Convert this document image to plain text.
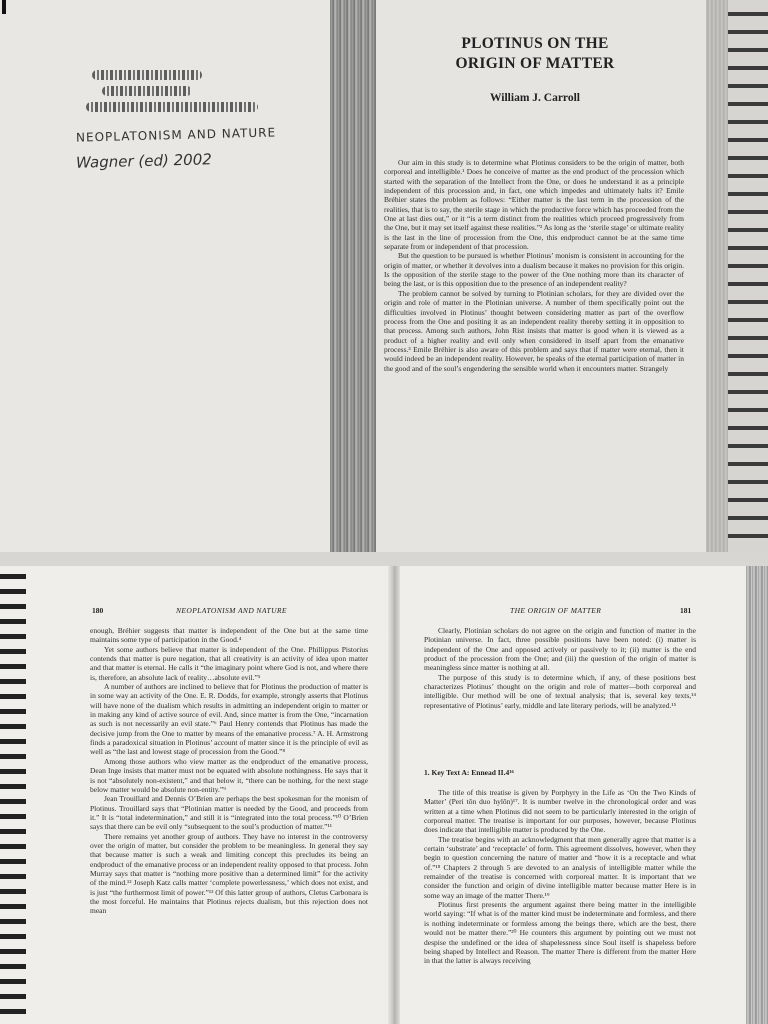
NEOPLATONISM AND NATURE
Wagner (ed) 2002
PLOTINUS ON THE
ORIGIN OF MATTER
William J. Carroll

Our aim in this study is to determine what Plotinus considers to be the origin of matter, both corporeal and intelligible.¹ Does he conceive of matter as the end product of the procession which started with the separation of the Intellect from the One, or does he understand it as a principle independent of this procession and, in fact, one which impedes and ultimately halts it? Emile Bréhier states the problem as follows: “Either matter is the last term in the procession of the realities, that is to say, the sterile stage in which the productive force which has proceeded from the One at last dies out,” or it “is a term distinct from the realities which proceed progressively from the One, but it may set itself against these realities.”² As long as the ‘sterile stage’ or ultimate reality is the last in the line of procession from the One, this endproduct cannot be at the same time separate from or independent of that procession.

But the question to be pursued is whether Plotinus’ monism is consistent in accounting for the origin of matter, or whether it devolves into a dualism because it makes no provision for this origin. Is the opposition of the sterile stage to the power of the One nothing more than its character of being the last, or is this opposition due to the presence of an independent reality?

The problem cannot be solved by turning to Plotinian scholars, for they are divided over the origin and role of matter in the Plotinian universe. A number of them specifically point out the difficulties involved in Plotinus’ thought between considering matter as part of the overflow process from the One and positing it as an independent reality thereby setting it in opposition to that process. Among such authors, John Rist insists that matter is good when it is viewed as a product of a higher reality and evil only when considered in itself apart from the emanative process.³ Emile Bréhier is also aware of this problem and says that if matter were eternal, then it would indeed be an independent reality. However, he speaks of the eternal participation of matter in the good and of the soul’s engendering the sensible world when it encounters matter. Strangely

180	NEOPLATONISM AND NATURE

enough, Bréhier suggests that matter is independent of the One but at the same time maintains some type of participation in the Good.⁴

Yet some authors believe that matter is independent of the One. Phillippus Pistorius contends that matter is pure negation, that all creativity is an activity of idea upon matter and that matter is eternal. He calls it “the imaginary point where God is not, and where there is, therefore, an absolute lack of reality…absolute evil.”⁵

A number of authors are inclined to believe that for Plotinus the production of matter is in some way an activity of the One. E. R. Dodds, for example, strongly asserts that Plotinus will have none of the dualism which results in admitting an independent origin to matter or in making any kind of active source of evil. And, since matter is from the One, “incarnation as such is not necessarily an evil state.”⁶ Paul Henry contends that Plotinus has made the decisive jump from the One to matter by means of the emanative process.⁷ A. H. Armstrong finds a paradoxical situation in Plotinus’ account of matter since it is the principle of evil as well as “the last and lowest stage of procession from the Good.”⁸

Among those authors who view matter as the endproduct of the emanative process, Dean Inge insists that matter must not be equated with absolute nothingness. He says that it is not “absolutely non-existent,” and that below it, “there can be nothing, for the next stage below matter would be absolute non-entity.”⁹

Jean Trouillard and Dennis O’Brien are perhaps the best spokesman for the monism of Plotinus. Trouillard says that “Plotinian matter is needed by the Good, and proceeds from it.” It is “total indetermination,” and still it is “integrated into the total process.”¹⁰ O’Brien says that there can be evil only “subsequent to the soul’s production of matter.”¹¹

There remains yet another group of authors. They have no interest in the controversy over the origin of matter, but consider the problem to be meaningless. In general they say that because matter is such a weak and limiting concept this precludes its being an endproduct of the emanative process or an independent reality opposed to that process. John Murray says that matter is “nothing more positive than a determined limit” for the activity of the mind.¹² Joseph Katz calls matter ‘complete powerlessness,’ which does not exist, and is just “the furthermost limit of power.”¹³ Of this latter group of authors, Cletus Carbonara is the most forceful. He maintains that Plotinus rejects dualism, but this rejection does not mean

THE ORIGIN OF MATTER	181

Clearly, Plotinian scholars do not agree on the origin and function of matter in the Plotinian universe. In fact, three possible positions have been noted: (i) matter is independent of the One and opposed actively or passively to it; (ii) matter is the end product of the procession from the One; and (iii) the question of the origin of matter is meaningless since matter is nothing at all.

The purpose of this study is to determine which, if any, of these positions best characterizes Plotinus’ thought on the origin and role of matter—both corporeal and intelligible. Our method will be one of textual analysis; that is, several key texts,¹⁴ representative of Plotinus’ early, middle and late literary periods, will be analyzed.¹⁵

1. Key Text A: Ennead II.4¹⁶

The title of this treatise is given by Porphyry in the Life as ‘On the Two Kinds of Matter’ (Peri tôn duo hylôn)¹⁷. It is number twelve in the chronological order and was written at a time when Plotinus did not seem to be particularly interested in the origin of corporeal matter. The treatise is important for our purposes, however, because Plotinus does indicate that intelligible matter is produced by the One.

The treatise begins with an acknowledgment that men generally agree that matter is a certain ‘substrate’ and ‘receptacle’ of form. This agreement dissolves, however, when they begin to question concerning the nature of matter and “how it is a receptacle and what of.”¹⁸ Chapters 2 through 5 are devoted to an analysis of intelligible matter while the remainder of the treatise is concerned with corporeal matter. It is important that we consider the function and origin of divine intelligible matter because matter Here is in some way an image of the matter There.¹⁹

Plotinus first presents the argument against there being matter in the intelligible world saying: “If what is of the matter kind must be indeterminate and formless, and there is nothing indeterminate or formless among the beings there, which are the best, there would not be matter there.”²⁰ He counters this argument by pointing out we must not despise the undefined or the idea of shapelessness since Soul itself is shapeless before being shaped by Intellect and Reason. The matter There is different from the matter Here in that the latter is always receiving
